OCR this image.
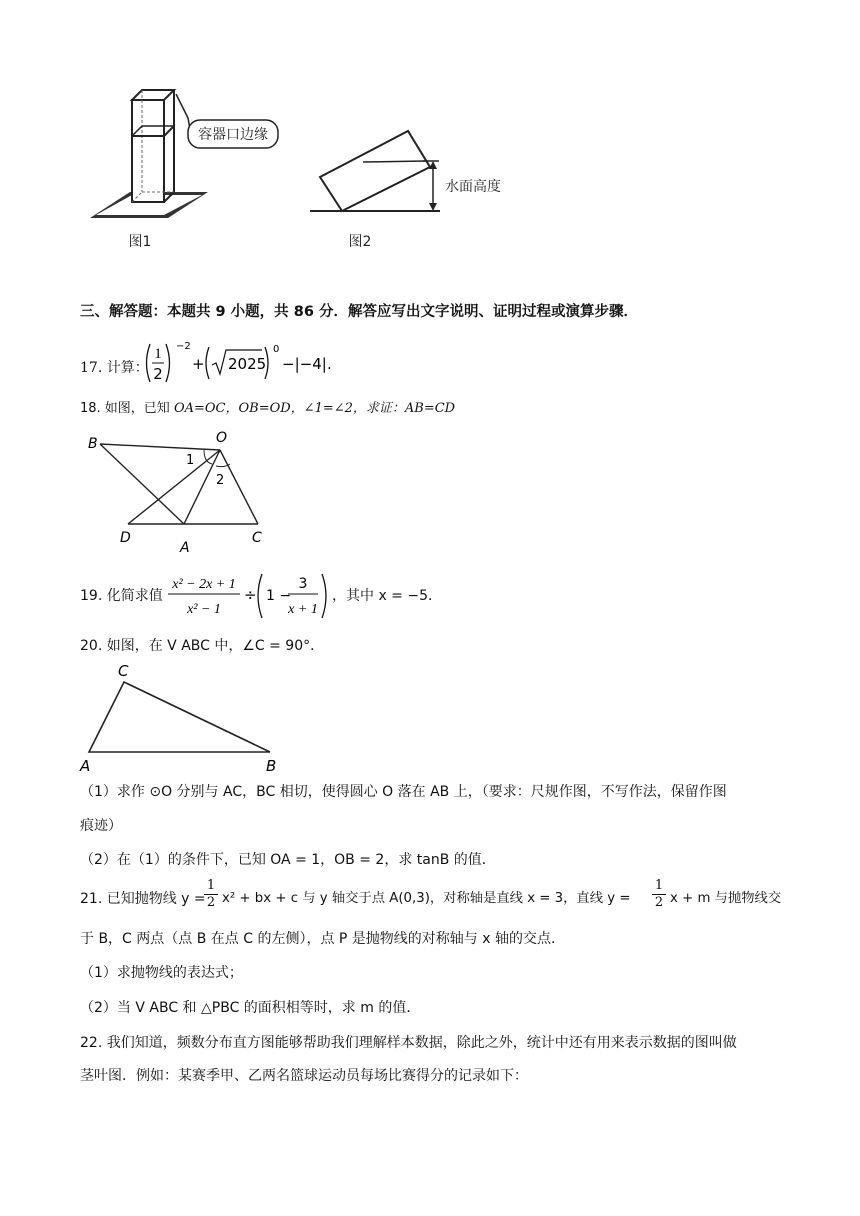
容器口边缘
图1
水面高度
图2
三、解答题：本题共 9 小题，共 86 分．解答应写出文字说明、证明过程或演算步骤．
17. 计算：
1
2
−2
+ 2025
0
−|−4| .
18. 如图，已知 OA=OC，OB=OD，∠1=∠2，求证：AB=CD
B	O
1
2
D
A
C
19. 化简求值
x² − 2x + 1
x² − 1
÷ 1 −
3
x + 1
，其中 x = −5．
20. 如图，在 V ABC 中，∠C = 90°．
C
A	B
（1）求作 ⊙O 分别与 AC，BC 相切，使得圆心 O 落在 AB 上，（要求：尺规作图，不写作法，保留作图
痕迹）
（2）在（1）的条件下，已知 OA = 1，OB = 2，求 tanB 的值．
21. 已知抛物线 y =
$\frac{1}{2} x^2$ + bx + c 与 y 轴交于点 A(0,3)，对称轴是直线 x = 3，直线 $y = \frac{1}{2}$ x + m 与抛物线交
于 B，C 两点（点 B 在点 C 的左侧），点 P 是抛物线的对称轴与 x 轴的交点．
（1）求抛物线的表达式；
（2）当 V ABC 和 △PBC 的面积相等时，求 m 的值．
22. 我们知道，频数分布直方图能够帮助我们理解样本数据，除此之外，统计中还有用来表示数据的图叫做
茎叶图．例如：某赛季甲、乙两名篮球运动员每场比赛得分的记录如下：
